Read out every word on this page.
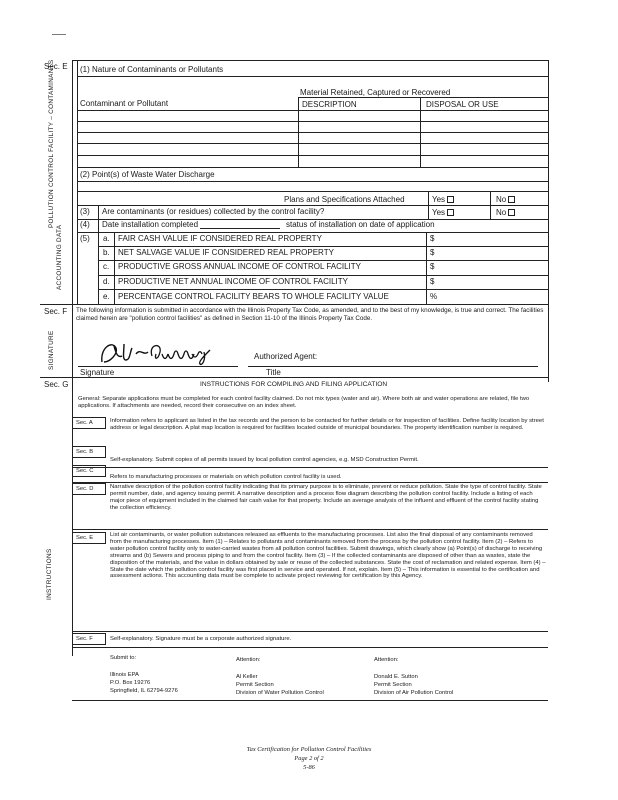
Sec. E (1) Nature of Contaminants or Pollutants
Material Retained, Captured or Recovered
Contaminant or Pollutant	DESCRIPTION	DISPOSAL OR USE
(2) Point(s) of Waste Water Discharge
Plans and Specifications Attached	Yes	No
(3) Are contaminants (or residues) collected by the control facility?	Yes	No
(4) Date installation completed	status of installation on date of application
(5) a. FAIR CASH VALUE IF CONSIDERED REAL PROPERTY	$
b. NET SALVAGE VALUE IF CONSIDERED REAL PROPERTY	$
c. PRODUCTIVE GROSS ANNUAL INCOME OF CONTROL FACILITY	$
d. PRODUCTIVE NET ANNUAL INCOME OF CONTROL FACILITY	$
e. PERCENTAGE CONTROL FACILITY BEARS TO WHOLE FACILITY VALUE	%
POLLUTION CONTROL FACILITY – CONTAMINANTS
ACCOUNTING DATA
Sec. F The following information is submitted in accordance with the Illinois Property Tax Code, as amended, and to the best of my knowledge, is true and correct. The facilities claimed herein are "pollution control facilities" as defined in Section 11-10 of the Illinois Property Tax Code.
Signature
Authorized Agent:
Title
SIGNATURE
Sec. G	INSTRUCTIONS FOR COMPILING AND FILING APPLICATION
General: Separate applications must be completed for each control facility claimed. Do not mix types (water and air). Where both air and water operations are related, file two applications. If attachments are needed, record their consecutive on an index sheet.
Sec. A	Information refers to applicant as listed in the tax records and the person to be contacted for further details or for inspection of facilities. Define facility location by street address or legal description. A plat map location is required for facilities located outside of municipal boundaries. The property identification number is required.
Sec. B
Self-explanatory. Submit copies of all permits issued by local pollution control agencies, e.g. MSD Construction Permit.
Sec. C
Refers to manufacturing processes or materials on which pollution control facility is used.
Sec. D	Narrative description of the pollution control facility indicating that its primary purpose is to eliminate, prevent or reduce pollution. State the type of control facility. State permit number, date, and agency issuing permit. A narrative description and a process flow diagram describing the pollution control facility. Include a listing of each major piece of equipment included in the claimed fair cash value for that property. Include an average analysis of the influent and effluent of the control facility stating the collection efficiency.
Sec. E	List air contaminants, or water pollution substances released as effluents to the manufacturing processes. List also the final disposal of any contaminants removed from the manufacturing processes. Item (1) – Relates to pollutants and contaminants removed from the process by the pollution control facility. Item (2) – Refers to water pollution control facility only to water-carried wastes from all pollution control facilities. Submit drawings, which clearly show (a) Point(s) of discharge to receiving streams and (b) Sewers and process piping to and from the control facility. Item (3) – If the collected contaminants are disposed of other than as wastes, state the disposition of the materials, and the value in dollars obtained by sale or reuse of the collected substances. State the cost of reclamation and related expense. Item (4) – State the date which the pollution control facility was first placed in service and operated. If not, explain. Item (5) – This information is essential to the certification and assessment actions. This accounting data must be complete to activate project reviewing for certification by this Agency.
Sec. F	Self-explanatory. Signature must be a corporate authorized signature.
INSTRUCTIONS
Submit to:
Illinois EPA
P.O. Box 19276
Springfield, IL 62794-9276
Attention:
Al Keller
Permit Section
Division of Water Pollution Control
Attention:
Donald E. Sutton
Permit Section
Division of Air Pollution Control
Tax Certification for Pollution Control Facilities
Page 2 of 2
5-86
